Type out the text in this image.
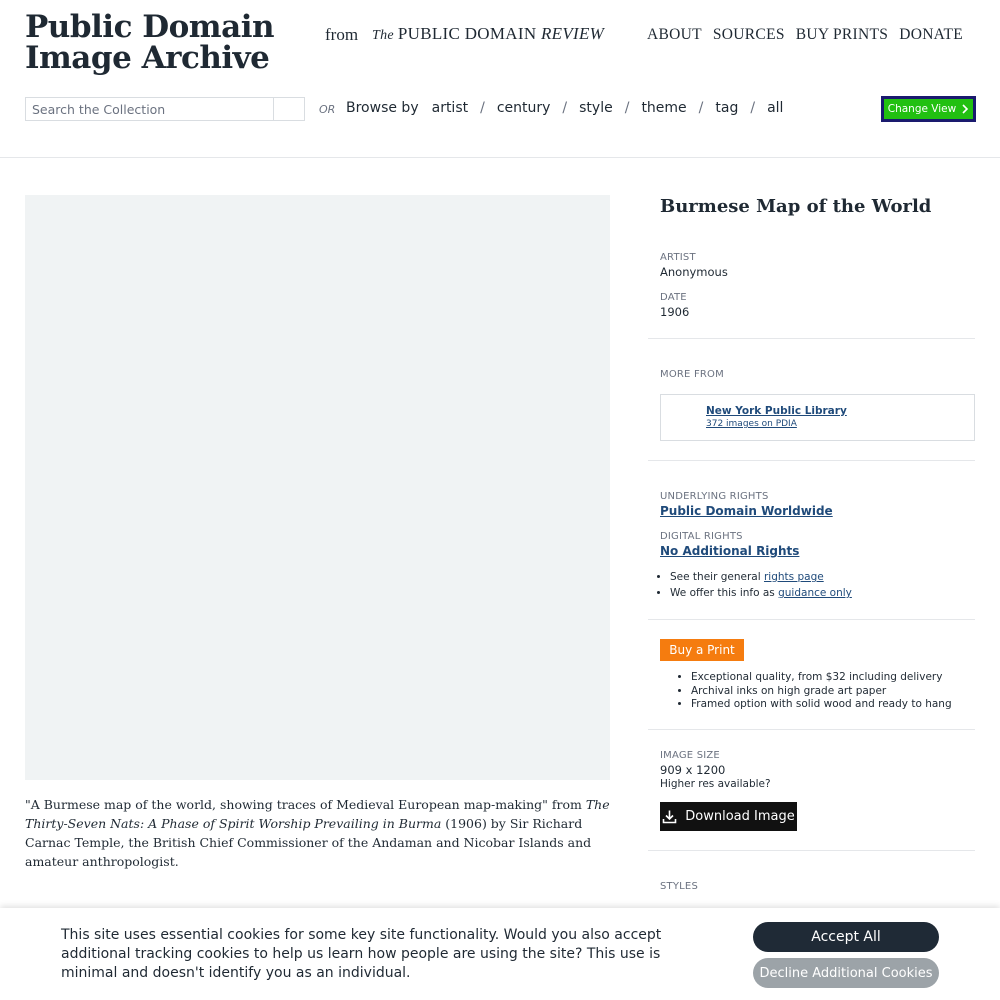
Public Domain Image Archive
from The PUBLIC DOMAIN REVIEW	ABOUT SOURCES BUY PRINTS DONATE
Search the Collection
OR Browse by artist / century / style / theme / tag / all	Change View
"A Burmese map of the world, showing traces of Medieval European map-making" from The Thirty-Seven Nats: A Phase of Spirit Worship Prevailing in Burma (1906) by Sir Richard Carnac Temple, the British Chief Commissioner of the Andaman and Nicobar Islands and amateur anthropologist.
Burmese Map of the World
ARTIST
Anonymous
DATE
1906
MORE FROM
New York Public Library
372 images on PDIA
UNDERLYING RIGHTS
Public Domain Worldwide
DIGITAL RIGHTS
No Additional Rights
• See their general rights page
• We offer this info as guidance only
Buy a Print
• Exceptional quality, from $32 including delivery
• Archival inks on high grade art paper
• Framed option with solid wood and ready to hang
IMAGE SIZE
909 x 1200
Higher res available?
Download Image
STYLES
This site uses essential cookies for some key site functionality. Would you also accept additional tracking cookies to help us learn how people are using the site? This use is minimal and doesn't identify you as an individual.
Accept All
Decline Additional Cookies
